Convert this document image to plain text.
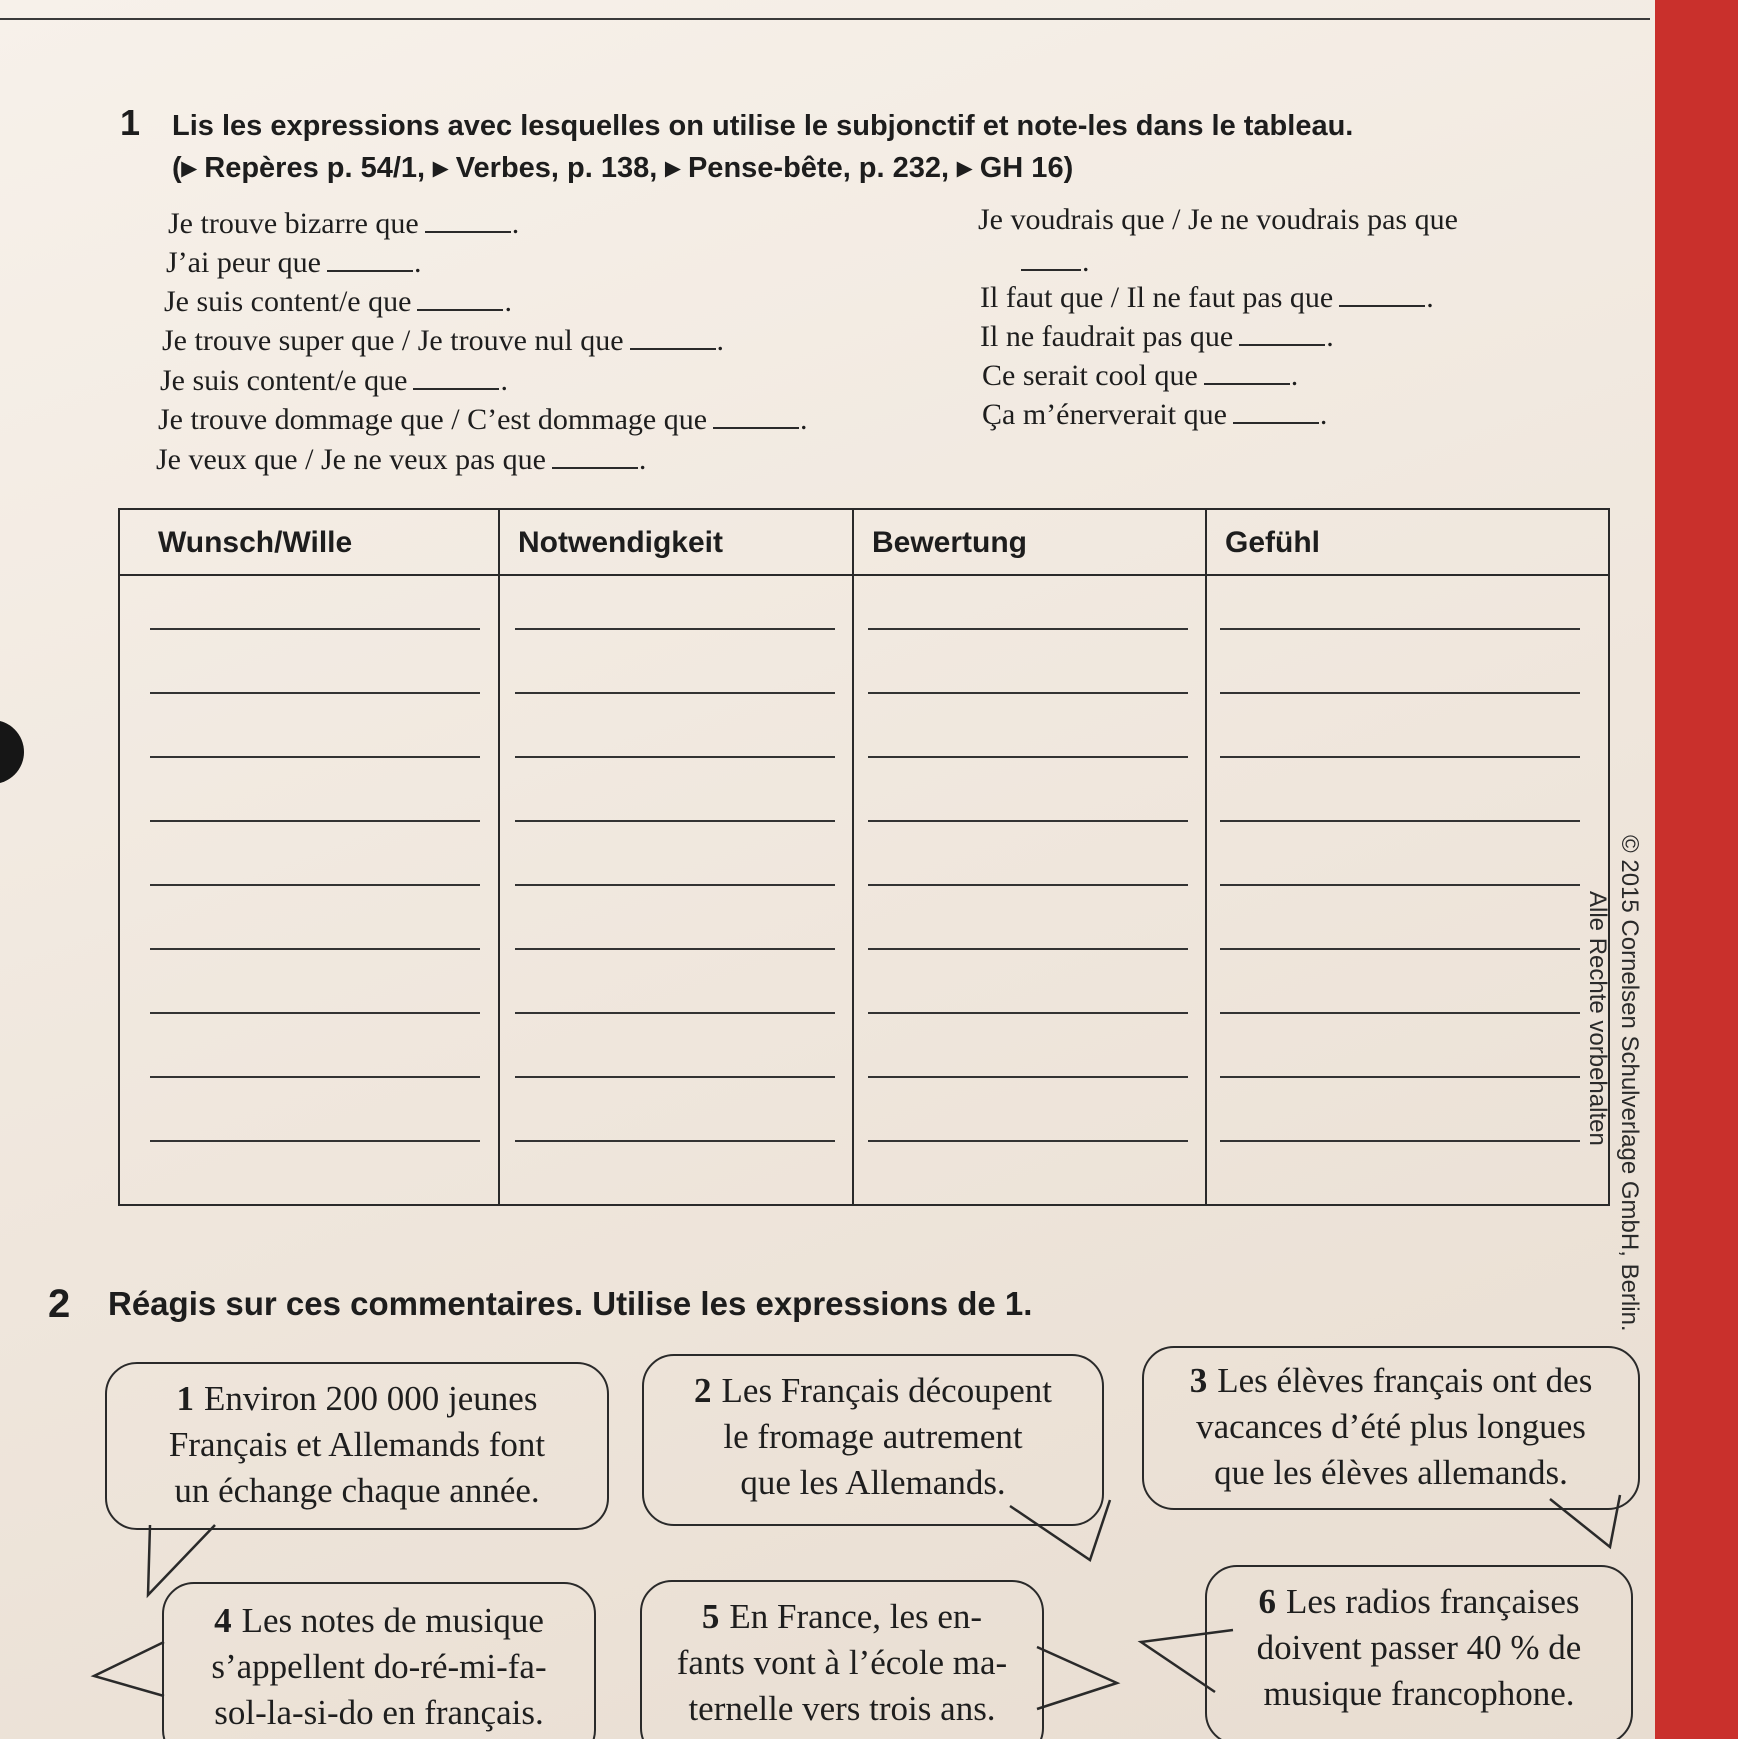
1 Lis les expressions avec lesquelles on utilise le subjonctif et note-les dans le tableau.
(▸ Repères p. 54/1, ▸ Verbes, p. 138, ▸ Pense-bête, p. 232, ▸ GH 16)
Je trouve bizarre que	.
J’ai peur que	.
Je suis content/e que	.
Je trouve super que / Je trouve nul que	.
Je suis content/e que	.
Je trouve dommage que / C’est dommage que	.
Je veux que / Je ne veux pas que	.
Je voudrais que / Je ne voudrais pas que
.
Il faut que / Il ne faut pas que	.
Il ne faudrait pas que	.
Ce serait cool que	.
Ça m’énerverait que	.
Wunsch/Wille	Notwendigkeit	Bewertung	Gefühl
© 2015 Cornelsen Schulverlage GmbH, Berlin.
Alle Rechte vorbehalten
2 Réagis sur ces commentaires. Utilise les expressions de 1.
1 Environ 200 000 jeunes
Français et Allemands font
un échange chaque année.
2 Les Français découpent
le fromage autrement
que les Allemands.
3 Les élèves français ont des
vacances d’été plus longues
que les élèves allemands.
4 Les notes de musique
s’appellent do-ré-mi-fa-
sol-la-si-do en français.
5 En France, les en-
fants vont à l’école ma-
ternelle vers trois ans.
6 Les radios françaises
doivent passer 40 % de
musique francophone.
